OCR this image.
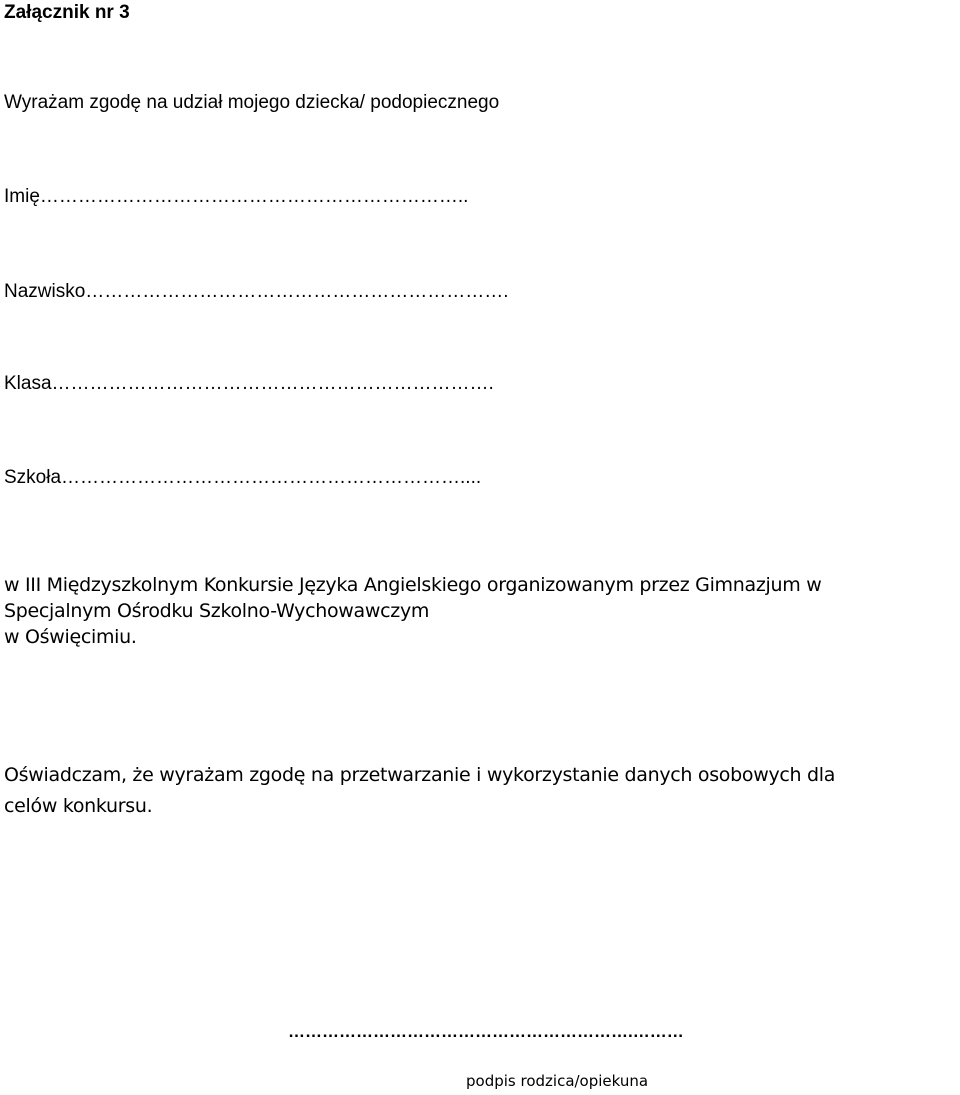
Załącznik nr 3
Wyrażam zgodę na udział mojego dziecka/ podopiecznego
Imię…………………………………………………………..
Nazwisko………………………………………………………….
Klasa…………………………………………………………….
Szkoła………………………………………………………....
w III Międzyszkolnym Konkursie Języka Angielskiego organizowanym przez Gimnazjum w
Specjalnym Ośrodku Szkolno-Wychowawczym
w Oświęcimiu.
Oświadczam, że wyrażam zgodę na przetwarzanie i wykorzystanie danych osobowych dla
celów konkursu.
…………………………………………………….………
podpis rodzica/opiekuna
